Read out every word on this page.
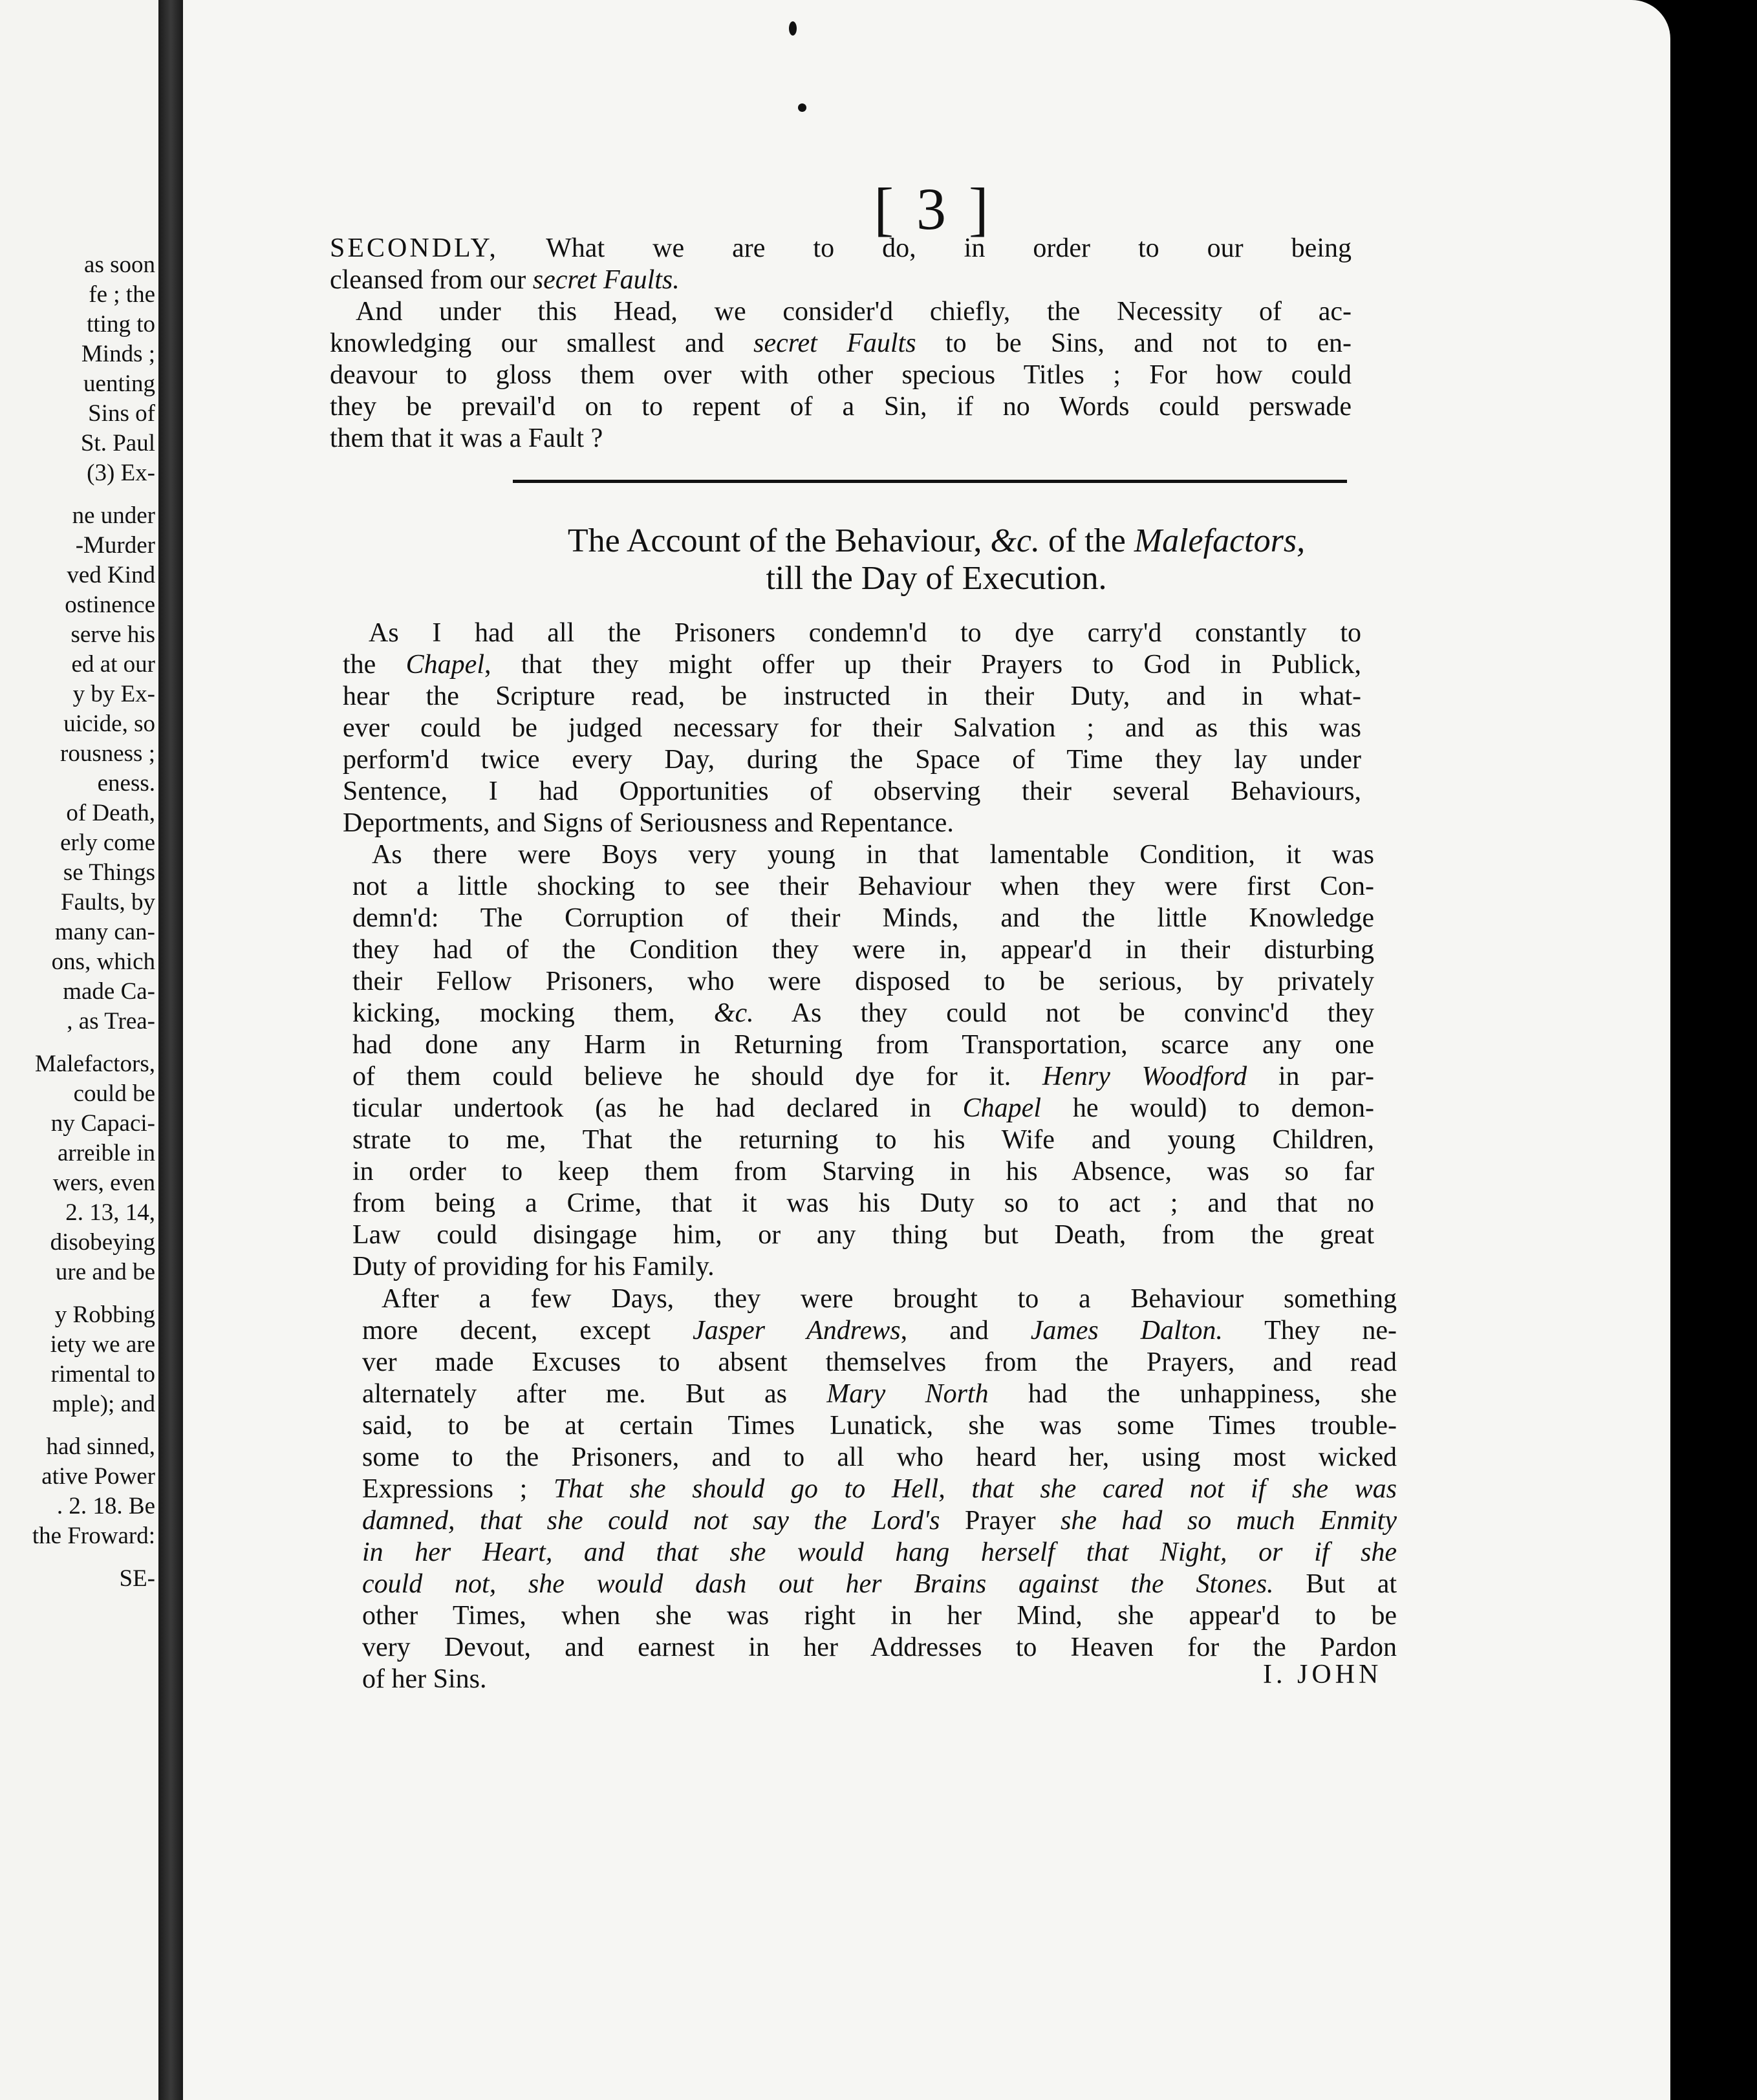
as soon
fe ; the
tting to
Minds ;
uenting
Sins of
St. Paul
(3) Ex-
ne under
-Murder
ved Kind
ostinence
serve his
ed at our
y by Ex-
uicide, so
rousness ;
eness.
of Death,
erly come
se Things
Faults, by
many can-
ons, which
made Ca-
, as Trea-
Malefactors,
could be
ny Capaci-
arreible in
wers, even
2. 13, 14,
disobeying
ure and be
y Robbing
iety we are
rimental to
mple); and
had sinned,
ative Power
. 2. 18. Be
the Froward:
SE-
[ 3 ]
SECONDLY, What we are to do, in order to our being
cleansed from our secret Faults.
And under this Head, we consider'd chiefly, the Necessity of ac-
knowledging our smallest and secret Faults to be Sins, and not to en-
deavour to gloss them over with other specious Titles ; For how could
they be prevail'd on to repent of a Sin, if no Words could perswade
them that it was a Fault ?
The Account of the Behaviour, &c. of the Malefactors,
till the Day of Execution.
As I had all the Prisoners condemn'd to dye carry'd constantly to
the Chapel, that they might offer up their Prayers to God in Publick,
hear the Scripture read, be instructed in their Duty, and in what-
ever could be judged necessary for their Salvation ; and as this was
perform'd twice every Day, during the Space of Time they lay under
Sentence, I had Opportunities of observing their several Behaviours,
Deportments, and Signs of Seriousness and Repentance.
As there were Boys very young in that lamentable Condition, it was
not a little shocking to see their Behaviour when they were first Con-
demn'd: The Corruption of their Minds, and the little Knowledge
they had of the Condition they were in, appear'd in their disturbing
their Fellow Prisoners, who were disposed to be serious, by privately
kicking, mocking them, &c. As they could not be convinc'd they
had done any Harm in Returning from Transportation, scarce any one
of them could believe he should dye for it. Henry Woodford in par-
ticular undertook (as he had declared in Chapel he would) to demon-
strate to me, That the returning to his Wife and young Children,
in order to keep them from Starving in his Absence, was so far
from being a Crime, that it was his Duty so to act ; and that no
Law could disingage him, or any thing but Death, from the great
Duty of providing for his Family.
After a few Days, they were brought to a Behaviour something
more decent, except Jasper Andrews, and James Dalton. They ne-
ver made Excuses to absent themselves from the Prayers, and read
alternately after me. But as Mary North had the unhappiness, she
said, to be at certain Times Lunatick, she was some Times trouble-
some to the Prisoners, and to all who heard her, using most wicked
Expressions ; That she should go to Hell, that she cared not if she was
damned, that she could not say the Lord's Prayer she had so much Enmity
in her Heart, and that she would hang herself that Night, or if she
could not, she would dash out her Brains against the Stones. But at
other Times, when she was right in her Mind, she appear'd to be
very Devout, and earnest in her Addresses to Heaven for the Pardon
of her Sins.	I. JOHN
